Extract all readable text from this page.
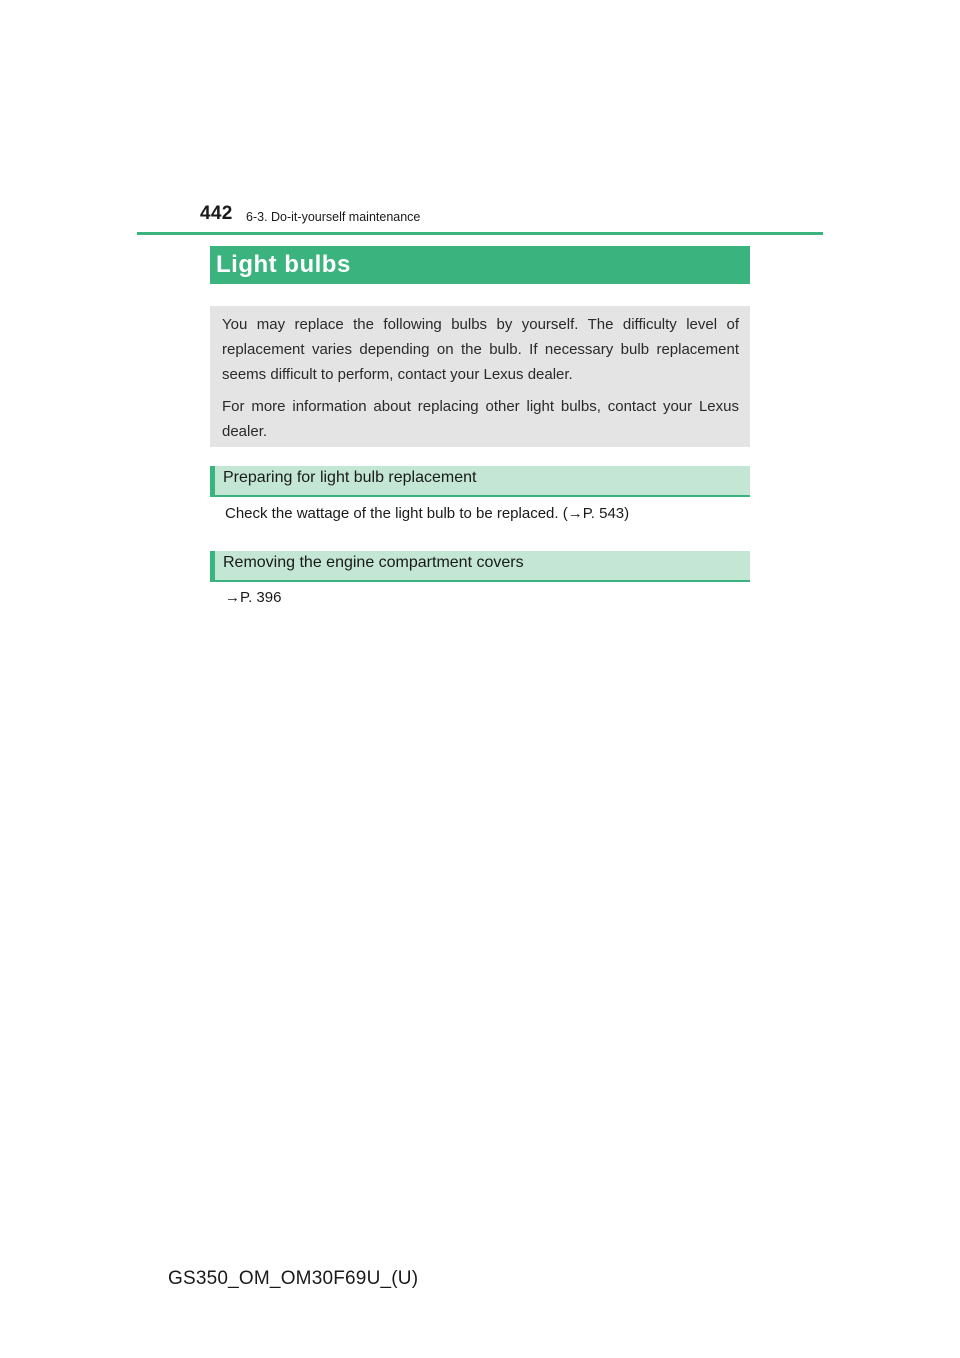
442 6-3. Do-it-yourself maintenance
Light bulbs

You may replace the following bulbs by yourself. The difficulty level of replacement varies depending on the bulb. If necessary bulb replacement seems difficult to perform, contact your Lexus dealer.

For more information about replacing other light bulbs, contact your Lexus dealer.

Preparing for light bulb replacement
Check the wattage of the light bulb to be replaced. (→P. 543)
Removing the engine compartment covers
→P. 396
GS350_OM_OM30F69U_(U)
